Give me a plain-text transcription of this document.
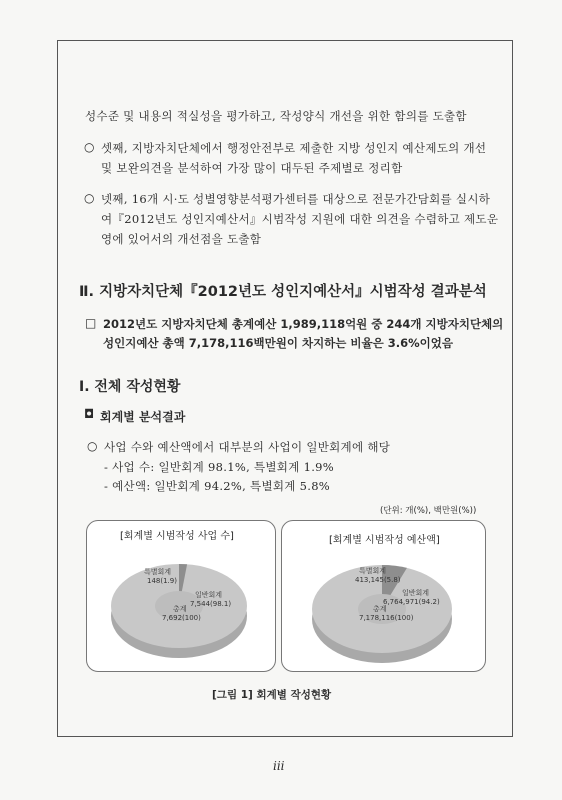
성수준 및 내용의 적실성을 평가하고, 작성양식 개선을 위한 함의를 도출함
○ 셋째, 지방자치단체에서 행정안전부로 제출한 지방 성인지 예산제도의 개선
및 보완의견을 분석하여 가장 많이 대두된 주제별로 정리함
○ 넷째, 16개 시·도 성별영향분석평가센터를 대상으로 전문가간담회를 실시하
여『2012년도 성인지예산서』시범작성 지원에 대한 의견을 수렴하고 제도운
영에 있어서의 개선점을 도출함
Ⅱ. 지방자치단체『2012년도 성인지예산서』시범작성 결과분석
□ 2012년도 지방자치단체 총계예산 1,989,118억원 중 244개 지방자치단체의
성인지예산 총액 7,178,116백만원이 차지하는 비율은 3.6%이었음
Ⅰ. 전체 작성현황
◘ 회계별 분석결과
○ 사업 수와 예산액에서 대부분의 사업이 일반회계에 해당
- 사업 수: 일반회계 98.1%, 특별회계 1.9%
- 예산액: 일반회계 94.2%, 특별회계 5.8%
(단위: 개(%), 백만원(%))
[회계별 시범작성 사업 수]
특별회계
148(1.9)
일반회계
7,544(98.1)
총계
7,692(100)
[회계별 시범작성 예산액]
특별회계
413,145(5.8)
일반회계
6,764,971(94.2)
총계
7,178,116(100)
[그림 1] 회계별 작성현황
iii
